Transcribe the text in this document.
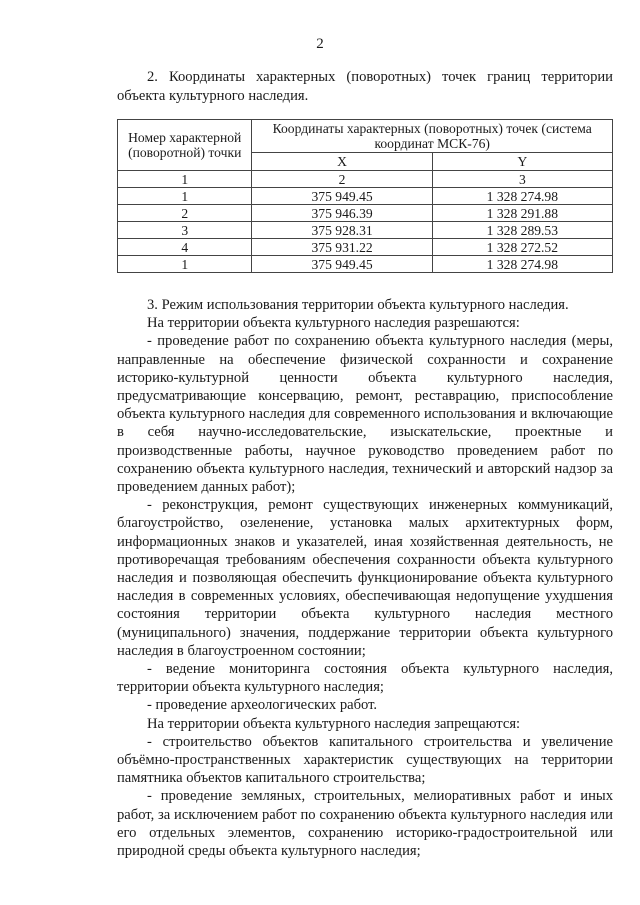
2
2. Координаты характерных (поворотных) точек границ территории объекта культурного наследия.
Номер характерной (поворотной) точки	Координаты характерных (поворотных) точек (система координат МСК-76)	
	X	Y
1	2	3
1	375 949.45	1 328 274.98
2	375 946.39	1 328 291.88
3	375 928.31	1 328 289.53
4	375 931.22	1 328 272.52
1	375 949.45	1 328 274.98

3. Режим использования территории объекта культурного наследия.

На территории объекта культурного наследия разрешаются:

- проведение работ по сохранению объекта культурного наследия (меры, направленные на обеспечение физической сохранности и сохранение историко-культурной ценности объекта культурного наследия, предусматривающие консервацию, ремонт, реставрацию, приспособление объекта культурного наследия для современного использования и включающие в себя научно-исследовательские, изыскательские, проектные и производственные работы, научное руководство проведением работ по сохранению объекта культурного наследия, технический и авторский надзор за проведением данных работ);

- реконструкция, ремонт существующих инженерных коммуникаций, благоустройство, озеленение, установка малых архитектурных форм, информационных знаков и указателей, иная хозяйственная деятельность, не противоречащая требованиям обеспечения сохранности объекта культурного наследия и позволяющая обеспечить функционирование объекта культурного наследия в современных условиях, обеспечивающая недопущение ухудшения состояния территории объекта культурного наследия местного (муниципального) значения, поддержание территории объекта культурного наследия в благоустроенном состоянии;

- ведение мониторинга состояния объекта культурного наследия, территории объекта культурного наследия;

- проведение археологических работ.

На территории объекта культурного наследия запрещаются:

- строительство объектов капитального строительства и увеличение объёмно-пространственных характеристик существующих на территории памятника объектов капитального строительства;

- проведение земляных, строительных, мелиоративных работ и иных работ, за исключением работ по сохранению объекта культурного наследия или его отдельных элементов, сохранению историко-градостроительной или природной среды объекта культурного наследия;
